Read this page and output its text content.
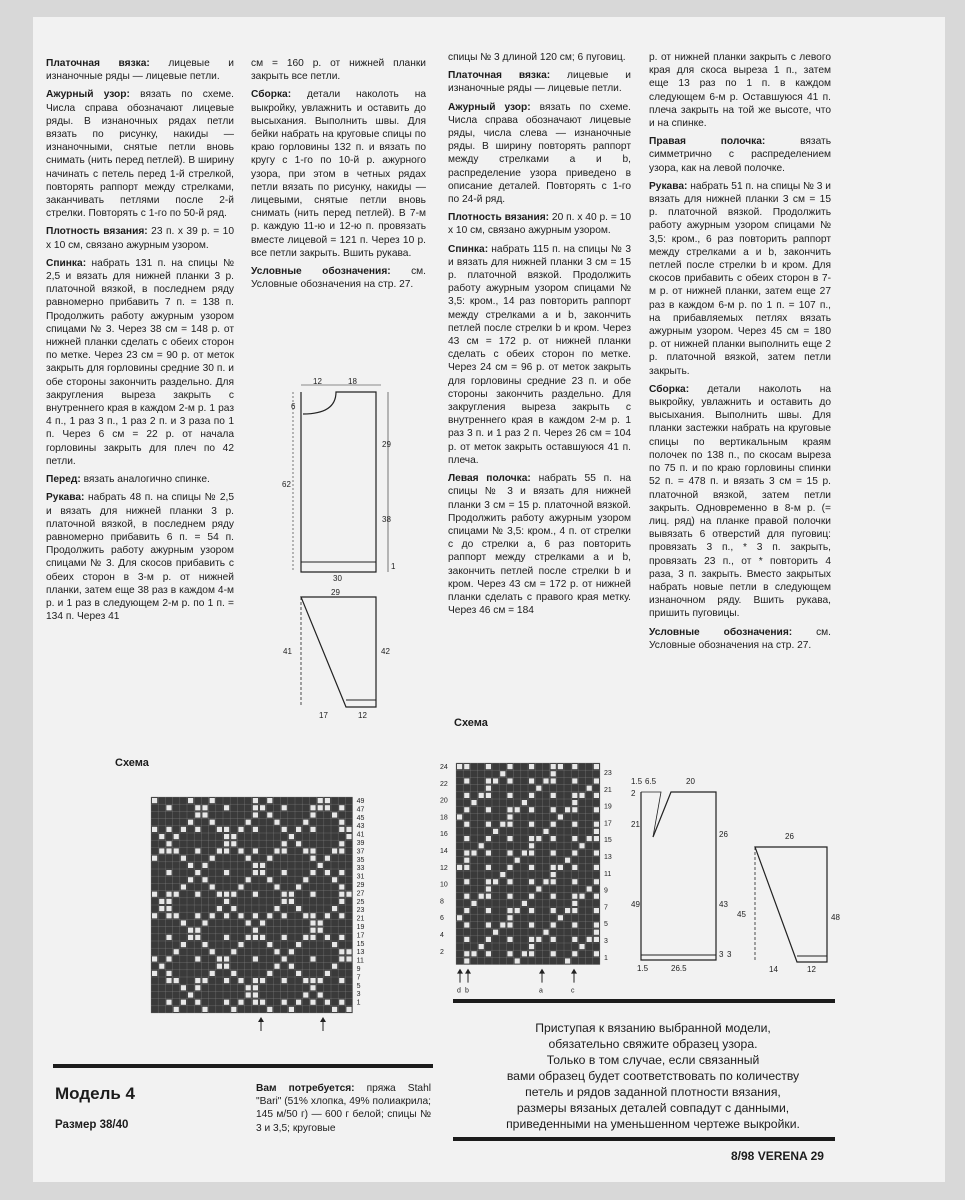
Платочная вязка: лицевые и изнаночные ряды — лицевые петли.

Ажурный узор: вязать по схеме. Числа справа обозначают лицевые ряды. В изнаночных рядах петли вязать по рисунку, накиды — изнаночными, снятые петли вновь снимать (нить перед петлей). В ширину начинать с петель перед 1-й стрелкой, повторять раппорт между стрелками, заканчивать петлями после 2-й стрелки. Повторять с 1-го по 50-й ряд.

Плотность вязания: 23 п. х 39 р. = 10 х 10 см, связано ажурным узором.

Спинка: набрать 131 п. на спицы № 2,5 и вязать для нижней планки 3 р. платочной вязкой, в последнем ряду равномерно прибавить 7 п. = 138 п. Продолжить работу ажурным узором спицами № 3. Через 38 см = 148 р. от нижней планки сделать с обеих сторон по метке. Через 23 см = 90 р. от меток закрыть для горловины средние 30 п. и обе стороны закончить раздельно. Для закругления выреза закрыть с внутреннего края в каждом 2-м р. 1 раз 4 п., 1 раз 3 п., 1 раз 2 п. и 3 раза по 1 п. Через 6 см = 22 р. от начала горловины закрыть для плеч по 42 петли.

Перед: вязать аналогично спинке.

Рукава: набрать 48 п. на спицы № 2,5 и вязать для нижней планки 3 р. платочной вязкой, в последнем ряду равномерно прибавить 6 п. = 54 п. Продолжить работу ажурным узором спицами № 3. Для скосов прибавить с обеих сторон в 3-м р. от нижней планки, затем еще 38 раз в каждом 4-м р. и 1 раз в следующем 2-м р. по 1 п. = 134 п. Через 41

см = 160 р. от нижней планки закрыть все петли.

Сборка: детали наколоть на выкройку, увлажнить и оставить до высыхания. Выполнить швы. Для бейки набрать на круговые спицы по краю горловины 132 п. и вязать по кругу с 1-го по 10-й р. ажурного узора, при этом в четных рядах петли вязать по рисунку, накиды — лицевыми, снятые петли вновь снимать (нить перед петлей). В 7-м р. каждую 11-ю и 12-ю п. провязать вместе лицевой = 121 п. Через 10 р. все петли закрыть. Вшить рукава.

Условные обозначения: см. Условные обозначения на стр. 27.

спицы № 3 длиной 120 см; 6 пуговиц.

Платочная вязка: лицевые и изнаночные ряды — лицевые петли.

Ажурный узор: вязать по схеме. Числа справа обозначают лицевые ряды, числа слева — изнаночные ряды. В ширину повторять раппорт между стрелками a и b, распределение узора приведено в описание деталей. Повторять с 1-го по 24-й ряд.

Плотность вязания: 20 п. х 40 р. = 10 х 10 см, связано ажурным узором.

Спинка: набрать 115 п. на спицы № 3 и вязать для нижней планки 3 см = 15 р. платочной вязкой. Продолжить работу ажурным узором спицами № 3,5: кром., 14 раз повторить раппорт между стрелками a и b, закончить петлей после стрелки b и кром. Через 43 см = 172 р. от нижней планки сделать с обеих сторон по метке. Через 24 см = 96 р. от меток закрыть для горловины средние 23 п. и обе стороны закончить раздельно. Для закругления выреза закрыть с внутреннего края в каждом 2-м р. 1 раз 3 п. и 1 раз 2 п. Через 26 см = 104 р. от меток закрыть оставшуюся 41 п. плеча.

Левая полочка: набрать 55 п. на спицы № 3 и вязать для нижней планки 3 см = 15 р. платочной вязкой. Продолжить работу ажурным узором спицами № 3,5: кром., 4 п. от стрелки c до стрелки a, 6 раз повторить раппорт между стрелками a и b, закончить петлей после стрелки b и кром. Через 43 см = 172 р. от нижней планки сделать с правого края метку. Через 46 см = 184

р. от нижней планки закрыть с левого края для скоса выреза 1 п., затем еще 13 раз по 1 п. в каждом следующем 6-м р. Оставшуюся 41 п. плеча закрыть на той же высоте, что и на спинке.

Правая полочка: вязать симметрично с распределением узора, как на левой полочке.

Рукава: набрать 51 п. на спицы № 3 и вязать для нижней планки 3 см = 15 р. платочной вязкой. Продолжить работу ажурным узором спицами № 3,5: кром., 6 раз повторить раппорт между стрелками a и b, закончить петлей после стрелки b и кром. Для скосов прибавить с обеих сторон в 7-м р. от нижней планки, затем еще 27 раз в каждом 6-м р. по 1 п. = 107 п., на прибавляемых петлях вязать ажурным узором. Через 45 см = 180 р. от нижней планки выполнить еще 2 р. платочной вязкой, затем петли закрыть.

Сборка: детали наколоть на выкройку, увлажнить и оставить до высыхания. Выполнить швы. Для планки застежки набрать на круговые спицы по вертикальным краям полочек по 138 п., по скосам выреза по 75 п. и по краю горловины спинки 52 п. = 478 п. и вязать 3 см = 15 р. платочной вязкой, затем петли закрыть. Одновременно в 8-м р. (= лиц. ряд) на планке правой полочки вывязать 6 отверстий для пуговиц: провязать 3 п., * 3 п. закрыть, провязать 23 п., от * повторить 4 раза, 3 п. закрыть. Вместо закрытых набрать новые петли в следующем изнаночном ряду. Вшить рукава, пришить пуговицы.

Условные обозначения: см. Условные обозначения на стр. 27.

12	18
6
29
38
1
62
30
29
41	42
17	12
Схема
49
47
45
43
41
39
37
35
33
31
29
27
25
23
21
19
17
15
13
11
9
7
5
3
1
Схема
24
22
20
18
16
14
12
10
8
6
4
2
23
21
19
17
15
13
11
9
7
5
3
1
d b	a	c
1.5 6.5	20
2
21
49
26
43
3 3
1.5	26.5
26
45	48
14	12
Модель 4
Размер 38/40
Вам потребуется: пряжа Stahl "Bari" (51% хлопка, 49% полиакрила; 145 м/50 г) — 600 г белой; спицы № 3 и 3,5; круговые
Приступая к вязанию выбранной модели,
обязательно свяжите образец узора.
Только в том случае, если связанный
вами образец будет соответствовать по количеству
петель и рядов заданной плотности вязания,
размеры вязаных деталей совпадут с данными,
приведенными на уменьшенном чертеже выкройки.
8/98 VERENA 29
